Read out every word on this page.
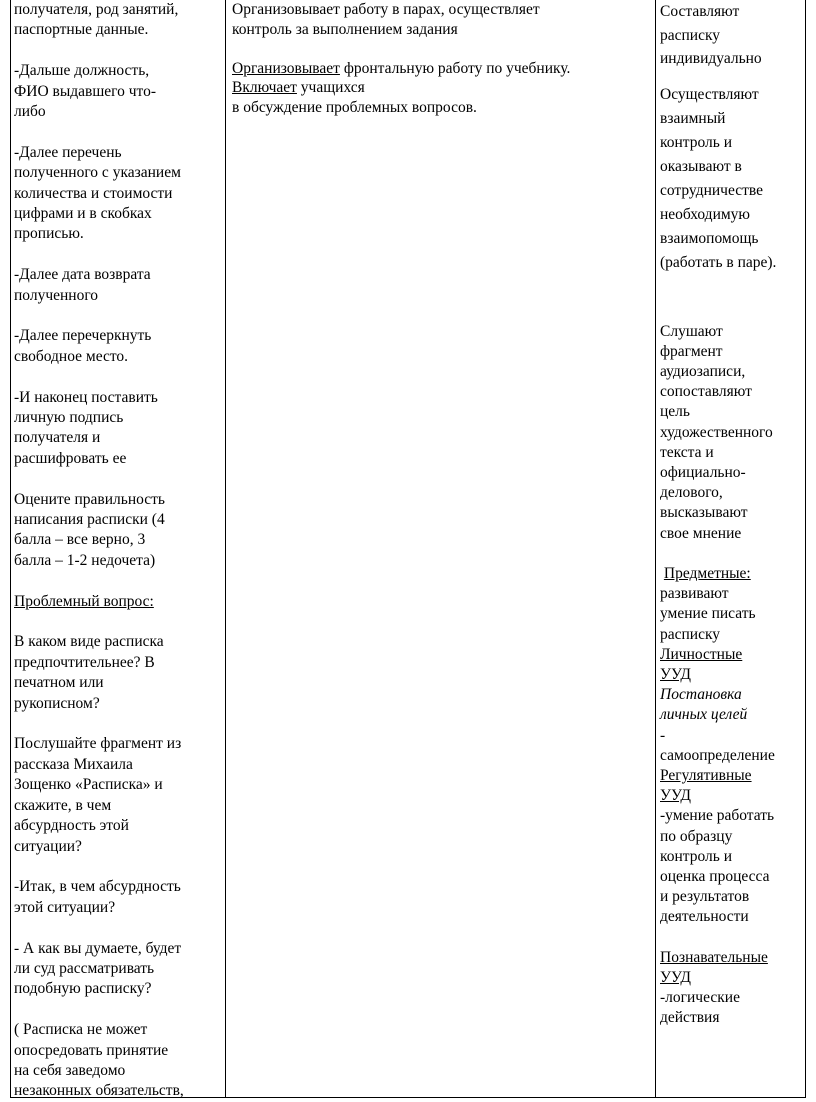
получателя, род занятий,

паспортные данные.

-Дальше должность,

ФИО выдавшего что-

либо

-Далее перечень

полученного с указанием

количества и стоимости

цифрами и в скобках

прописью.

-Далее дата возврата

полученного

-Далее перечеркнуть

свободное место.

-И наконец поставить

личную подпись

получателя и

расшифровать ее

Оцените правильность

написания расписки (4

балла – все верно, 3

балла – 1-2 недочета)

Проблемный вопрос:

В каком виде расписка

предпочтительнее? В

печатном или

рукописном?

Послушайте фрагмент из

рассказа Михаила

Зощенко «Расписка» и

скажите, в чем

абсурдность этой

ситуации?

-Итак, в чем абсурдность

этой ситуации?

- А как вы думаете, будет

ли суд рассматривать

подобную расписку?

( Расписка не может

опосредовать принятие

на себя заведомо

незаконных обязательств,

Организовывает работу в парах, осуществляет

контроль за выполнением задания

Организовывает фронтальную работу по учебнику.

Включает учащихся

в обсуждение проблемных вопросов.

Составляют

расписку

индивидуально

Осуществляют

взаимный

контроль и

оказывают в

сотрудничестве

необходимую

взаимопомощь

(работать в паре).

Слушают

фрагмент

аудиозаписи,

сопоставляют

цель

художественного

текста и

официально-

делового,

высказывают

свое мнение

Предметные:

развивают

умение писать

расписку

Личностные

УУД

Постановка

личных целей

-

самоопределение

Регулятивные

УУД

-умение работать

по образцу

контроль и

оценка процесса

и результатов

деятельности

Познавательные

УУД

-логические

действия
